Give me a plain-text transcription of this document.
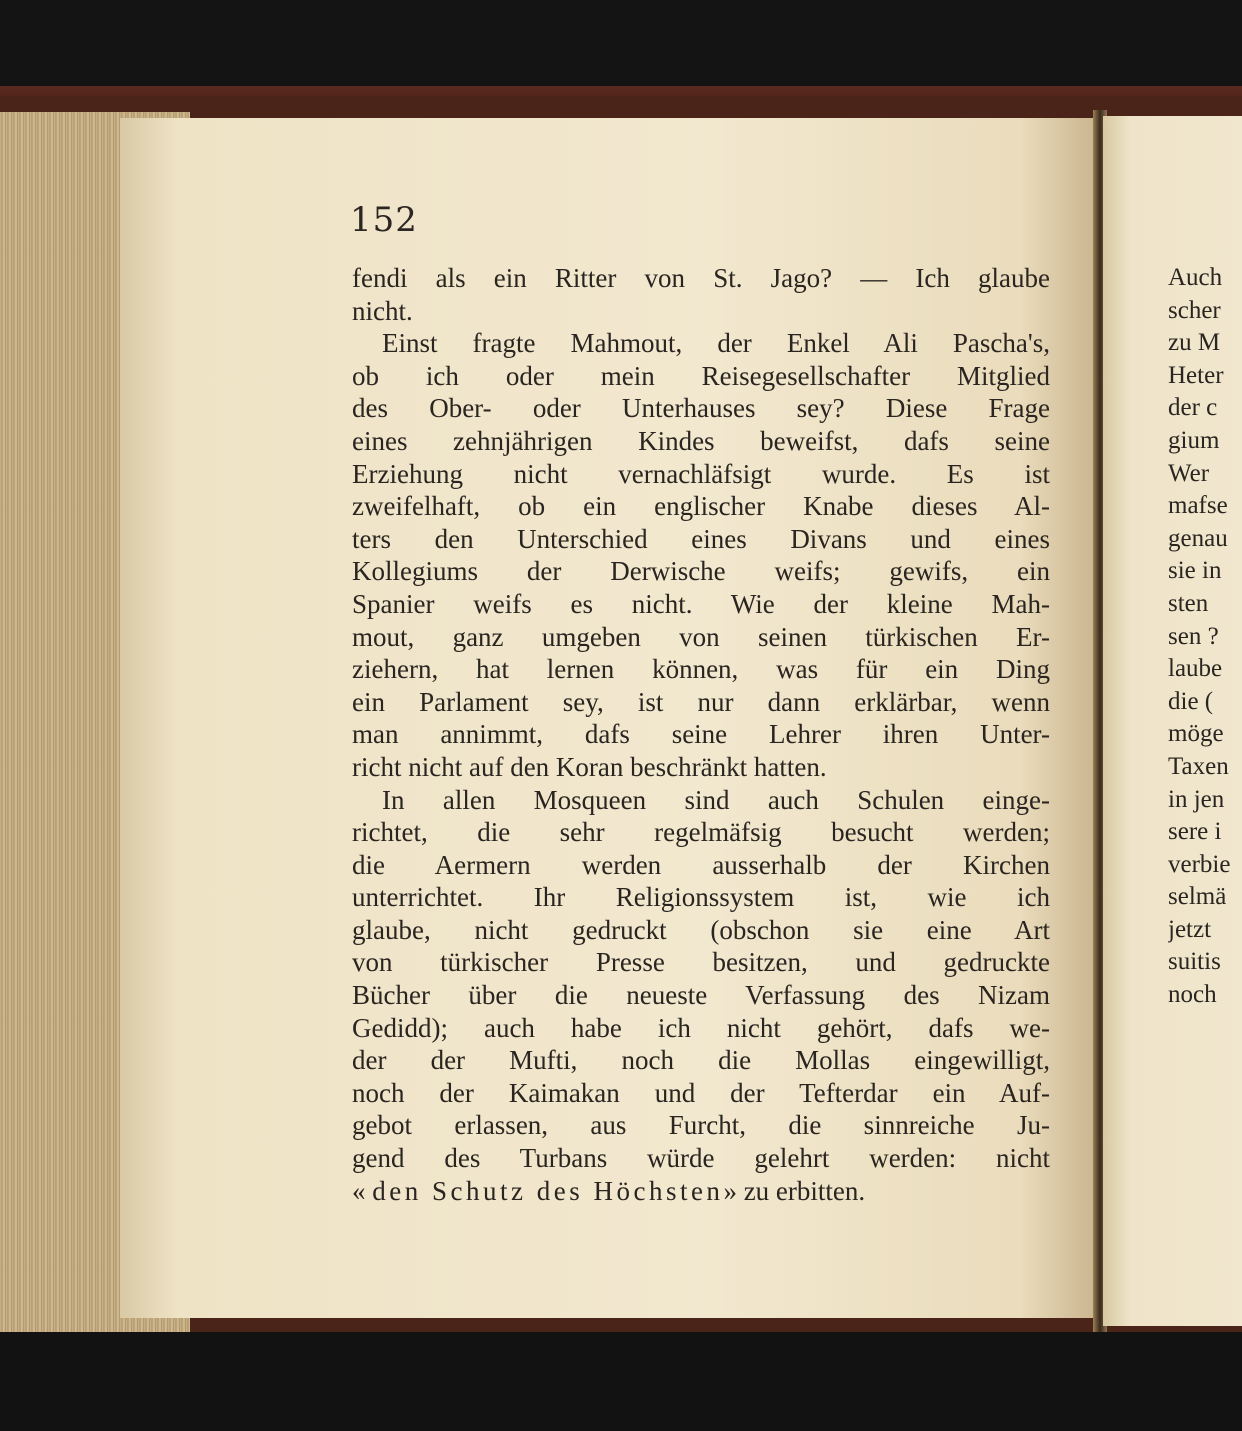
152
fendi als ein Ritter von St. Jago? — Ich glaube
nicht.
Einst fragte Mahmout, der Enkel Ali Pascha's,
ob ich oder mein Reisegesellschafter Mitglied
des Ober- oder Unterhauses sey? Diese Frage
eines zehnjährigen Kindes beweifst, dafs seine
Erziehung nicht vernachläfsigt wurde. Es ist
zweifelhaft, ob ein englischer Knabe dieses Al-
ters den Unterschied eines Divans und eines
Kollegiums der Derwische weifs; gewifs, ein
Spanier weifs es nicht. Wie der kleine Mah-
mout, ganz umgeben von seinen türkischen Er-
ziehern, hat lernen können, was für ein Ding
ein Parlament sey, ist nur dann erklärbar, wenn
man annimmt, dafs seine Lehrer ihren Unter-
richt nicht auf den Koran beschränkt hatten.
In allen Mosqueen sind auch Schulen einge-
richtet, die sehr regelmäfsig besucht werden;
die Aermern werden ausserhalb der Kirchen
unterrichtet. Ihr Religionssystem ist, wie ich
glaube, nicht gedruckt (obschon sie eine Art
von türkischer Presse besitzen, und gedruckte
Bücher über die neueste Verfassung des Nizam
Gedidd); auch habe ich nicht gehört, dafs we-
der der Mufti, noch die Mollas eingewilligt,
noch der Kaimakan und der Tefterdar ein Auf-
gebot erlassen, aus Furcht, die sinnreiche Ju-
gend des Turbans würde gelehrt werden: nicht
« den Schutz des Höchsten» zu erbitten.
Auch
scher
zu M
Heter
der c
gium
Wer
mafse
genau
sie in
sten
sen ?
laube
die (
möge
Taxen
in jen
sere i
verbie
selmä
jetzt
suitis
noch
